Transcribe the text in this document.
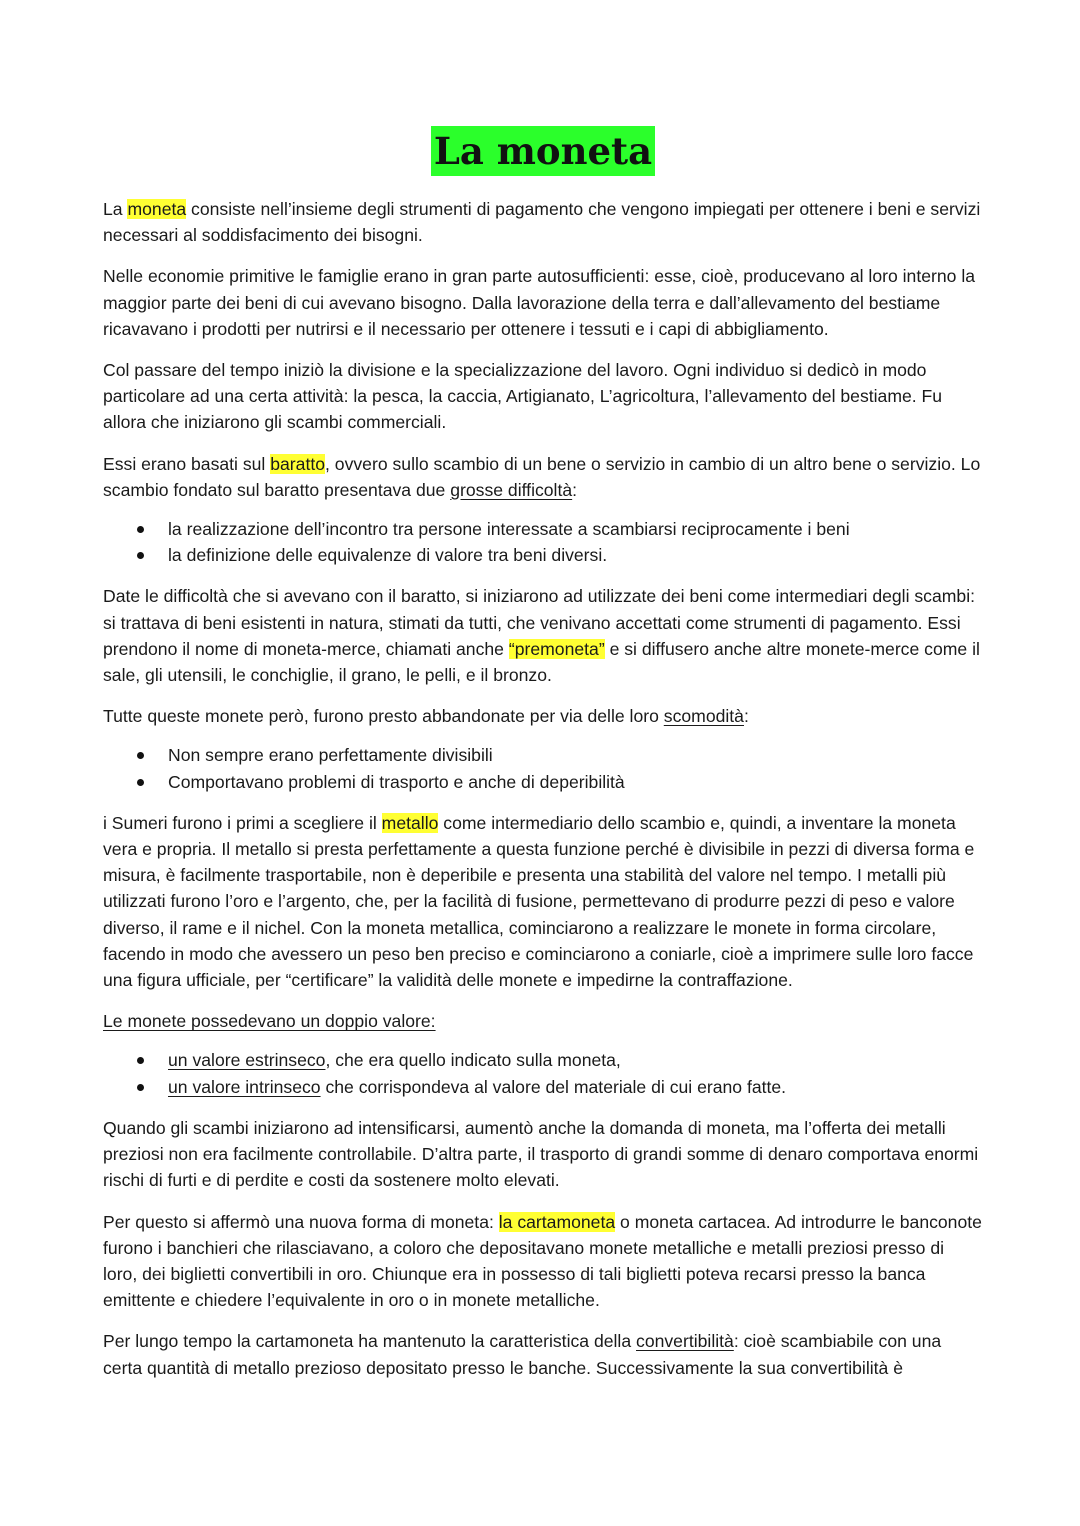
La moneta

La moneta consiste nell’insieme degli strumenti di pagamento che vengono impiegati per ottenere i beni e servizi necessari al soddisfacimento dei bisogni.

Nelle economie primitive le famiglie erano in gran parte autosufficienti: esse, cioè, producevano al loro interno la maggior parte dei beni di cui avevano bisogno. Dalla lavorazione della terra e dall’allevamento del bestiame ricavavano i prodotti per nutrirsi e il necessario per ottenere i tessuti e i capi di abbigliamento.

Col passare del tempo iniziò la divisione e la specializzazione del lavoro. Ogni individuo si dedicò in modo particolare ad una certa attività: la pesca, la caccia, Artigianato, L’agricoltura, l’allevamento del bestiame. Fu allora che iniziarono gli scambi commerciali.

Essi erano basati sul baratto, ovvero sullo scambio di un bene o servizio in cambio di un altro bene o servizio. Lo scambio fondato sul baratto presentava due grosse difficoltà:

la realizzazione dell’incontro tra persone interessate a scambiarsi reciprocamente i beni
la definizione delle equivalenze di valore tra beni diversi.

Date le difficoltà che si avevano con il baratto, si iniziarono ad utilizzate dei beni come intermediari degli scambi: si trattava di beni esistenti in natura, stimati da tutti, che venivano accettati come strumenti di pagamento. Essi prendono il nome di moneta-merce, chiamati anche “premoneta” e si diffusero anche altre monete-merce come il sale, gli utensili, le conchiglie, il grano, le pelli, e il bronzo.

Tutte queste monete però, furono presto abbandonate per via delle loro scomodità:

Non sempre erano perfettamente divisibili
Comportavano problemi di trasporto e anche di deperibilità

i Sumeri furono i primi a scegliere il metallo come intermediario dello scambio e, quindi, a inventare la moneta vera e propria. Il metallo si presta perfettamente a questa funzione perché è divisibile in pezzi di diversa forma e misura, è facilmente trasportabile, non è deperibile e presenta una stabilità del valore nel tempo. I metalli più utilizzati furono l’oro e l’argento, che, per la facilità di fusione, permettevano di produrre pezzi di peso e valore diverso, il rame e il nichel. Con la moneta metallica, cominciarono a realizzare le monete in forma circolare, facendo in modo che avessero un peso ben preciso e cominciarono a coniarle, cioè a imprimere sulle loro facce una figura ufficiale, per “certificare” la validità delle monete e impedirne la contraffazione.

Le monete possedevano un doppio valore:

un valore estrinseco, che era quello indicato sulla moneta,
un valore intrinseco che corrispondeva al valore del materiale di cui erano fatte.

Quando gli scambi iniziarono ad intensificarsi, aumentò anche la domanda di moneta, ma l’offerta dei metalli preziosi non era facilmente controllabile. D’altra parte, il trasporto di grandi somme di denaro comportava enormi rischi di furti e di perdite e costi da sostenere molto elevati.

Per questo si affermò una nuova forma di moneta: la cartamoneta o moneta cartacea. Ad introdurre le banconote furono i banchieri che rilasciavano, a coloro che depositavano monete metalliche e metalli preziosi presso di loro, dei biglietti convertibili in oro. Chiunque era in possesso di tali biglietti poteva recarsi presso la banca emittente e chiedere l’equivalente in oro o in monete metalliche.

Per lungo tempo la cartamoneta ha mantenuto la caratteristica della convertibilità: cioè scambiabile con una certa quantità di metallo prezioso depositato presso le banche. Successivamente la sua convertibilità è
